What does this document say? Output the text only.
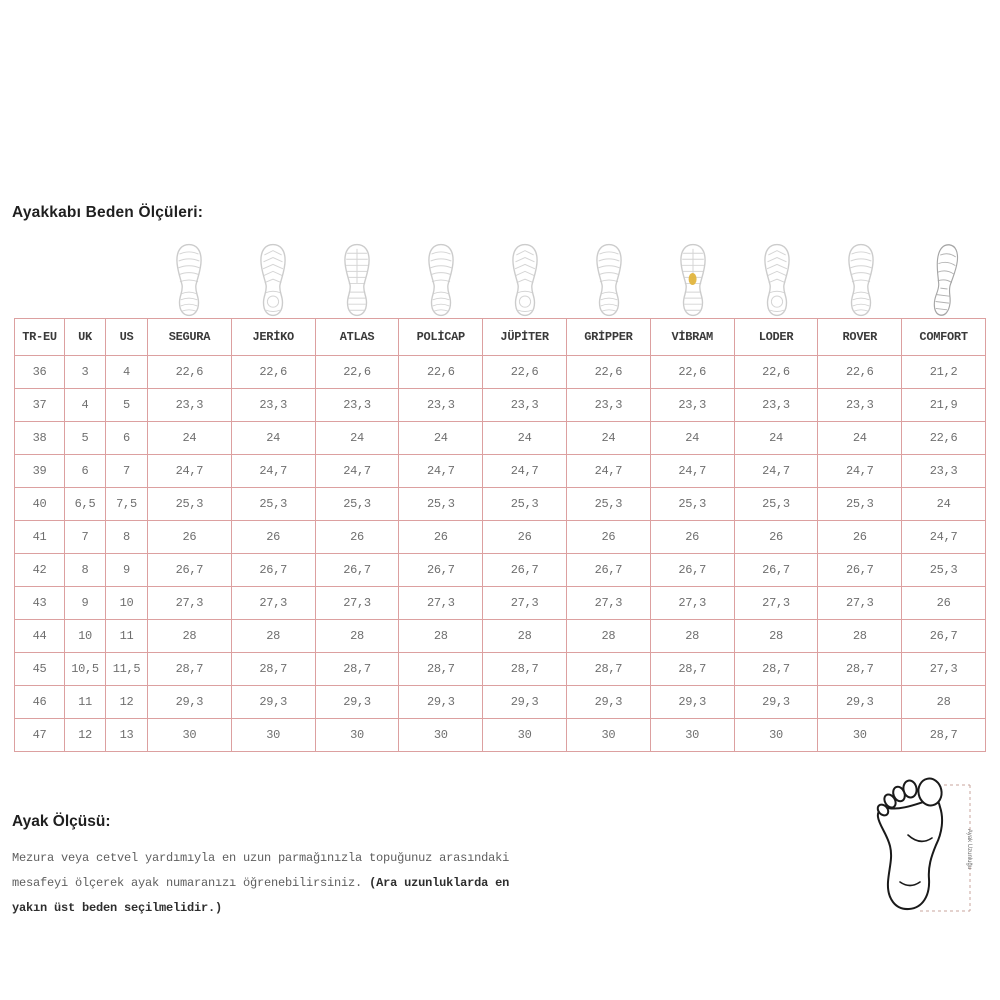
Ayakkabı Beden Ölçüleri:
TR-EU	UK	US	SEGURA	JERİKO	ATLAS	POLİCAP	JÜPİTER	GRİPPER	VİBRAM	LODER	ROVER	COMFORT
36	3	4	22,6	22,6	22,6	22,6	22,6	22,6	22,6	22,6	22,6	21,2
37	4	5	23,3	23,3	23,3	23,3	23,3	23,3	23,3	23,3	23,3	21,9
38	5	6	24	24	24	24	24	24	24	24	24	22,6
39	6	7	24,7	24,7	24,7	24,7	24,7	24,7	24,7	24,7	24,7	23,3
40	6,5	7,5	25,3	25,3	25,3	25,3	25,3	25,3	25,3	25,3	25,3	24
41	7	8	26	26	26	26	26	26	26	26	26	24,7
42	8	9	26,7	26,7	26,7	26,7	26,7	26,7	26,7	26,7	26,7	25,3
43	9	10	27,3	27,3	27,3	27,3	27,3	27,3	27,3	27,3	27,3	26
44	10	11	28	28	28	28	28	28	28	28	28	26,7
45	10,5	11,5	28,7	28,7	28,7	28,7	28,7	28,7	28,7	28,7	28,7	27,3
46	11	12	29,3	29,3	29,3	29,3	29,3	29,3	29,3	29,3	29,3	28
47	12	13	30	30	30	30	30	30	30	30	30	28,7
Ayak Ölçüsü:

Mezura veya cetvel yardımıyla en uzun parmağınızla topuğunuz arasındaki mesafeyi ölçerek ayak numaranızı öğrenebilirsiniz. (Ara uzunluklarda en yakın üst beden seçilmelidir.)

Ayak Uzunluğu
